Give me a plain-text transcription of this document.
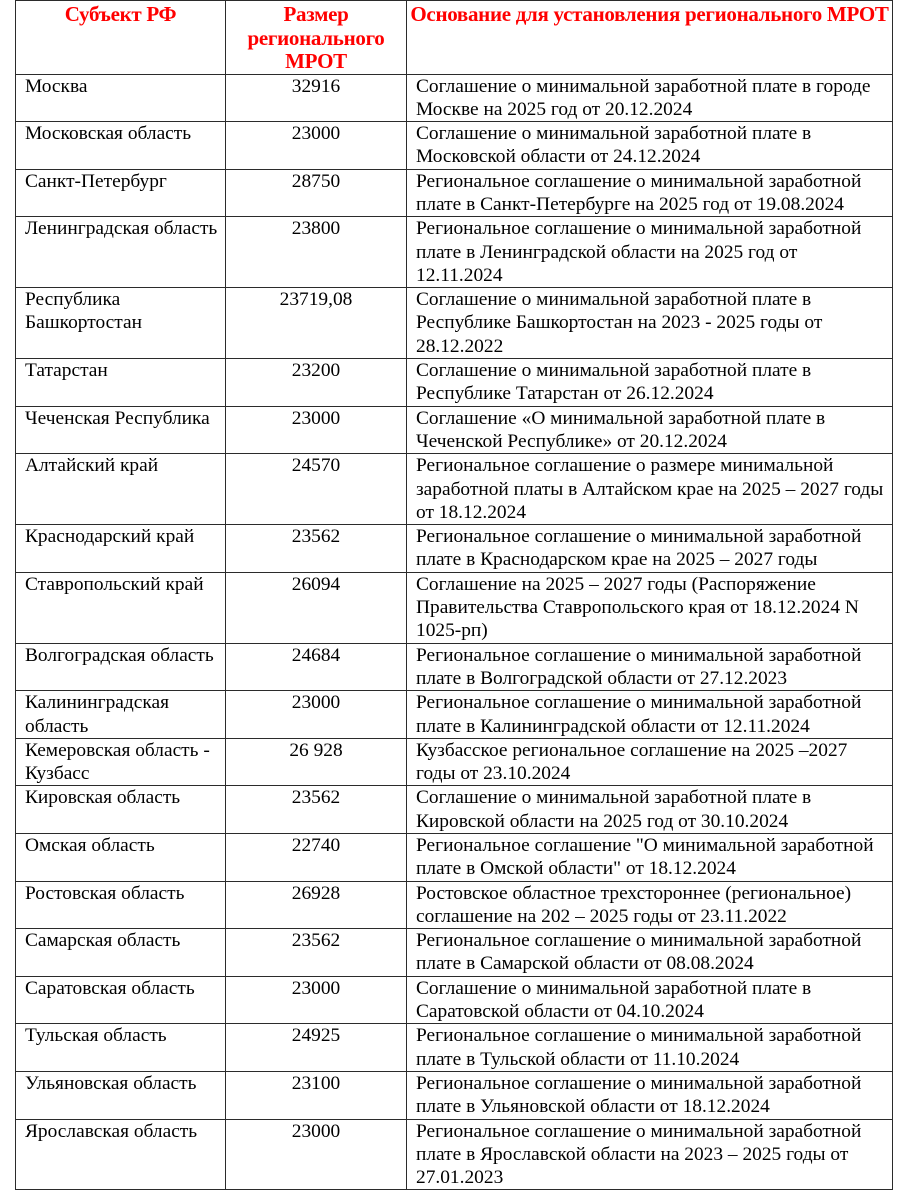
Субъект РФ	Размер регионального МРОТ	Основание для установления регионального МРОТ

Москва	32916	Соглашение о минимальной заработной плате в городе Москве на 2025 год от 20.12.2024
Московская область	23000	Соглашение о минимальной заработной плате в Московской области от 24.12.2024
Санкт-Петербург	28750	Региональное соглашение о минимальной заработной плате в Санкт-Петербурге на 2025 год от 19.08.2024
Ленинградская область	23800	Региональное соглашение о минимальной заработной плате в Ленинградской области на 2025 год от 12.11.2024
Республика Башкортостан	23719,08	Соглашение о минимальной заработной плате в Республике Башкортостан на 2023 - 2025 годы от 28.12.2022
Татарстан	23200	Соглашение о минимальной заработной плате в Республике Татарстан от 26.12.2024
Чеченская Республика	23000	Соглашение «О минимальной заработной плате в Чеченской Республике» от 20.12.2024
Алтайский край	24570	Региональное соглашение о размере минимальной заработной платы в Алтайском крае на 2025 – 2027 годы от 18.12.2024
Краснодарский край	23562	Региональное соглашение о минимальной заработной плате в Краснодарском крае на 2025 – 2027 годы
Ставропольский край	26094	Соглашение на 2025 – 2027 годы (Распоряжение Правительства Ставропольского края от 18.12.2024 N 1025-рп)
Волгоградская область	24684	Региональное соглашение о минимальной заработной плате в Волгоградской области от 27.12.2023
Калининградская область	23000	Региональное соглашение о минимальной заработной плате в Калининградской области от 12.11.2024
Кемеровская область - Кузбасс	26 928	Кузбасское региональное соглашение на 2025 –2027 годы от 23.10.2024
Кировская область	23562	Соглашение о минимальной заработной плате в Кировской области на 2025 год от 30.10.2024
Омская область	22740	Региональное соглашение "О минимальной заработной плате в Омской области" от 18.12.2024
Ростовская область	26928	Ростовское областное трехстороннее (региональное) соглашение на 202 – 2025 годы от 23.11.2022
Самарская область	23562	Региональное соглашение о минимальной заработной плате в Самарской области от 08.08.2024
Саратовская область	23000	Соглашение о минимальной заработной плате в Саратовской области от 04.10.2024
Тульская область	24925	Региональное соглашение о минимальной заработной плате в Тульской области от 11.10.2024
Ульяновская область	23100	Региональное соглашение о минимальной заработной плате в Ульяновской области от 18.12.2024
Ярославская область	23000	Региональное соглашение о минимальной заработной плате в Ярославской области на 2023 – 2025 годы от 27.01.2023
